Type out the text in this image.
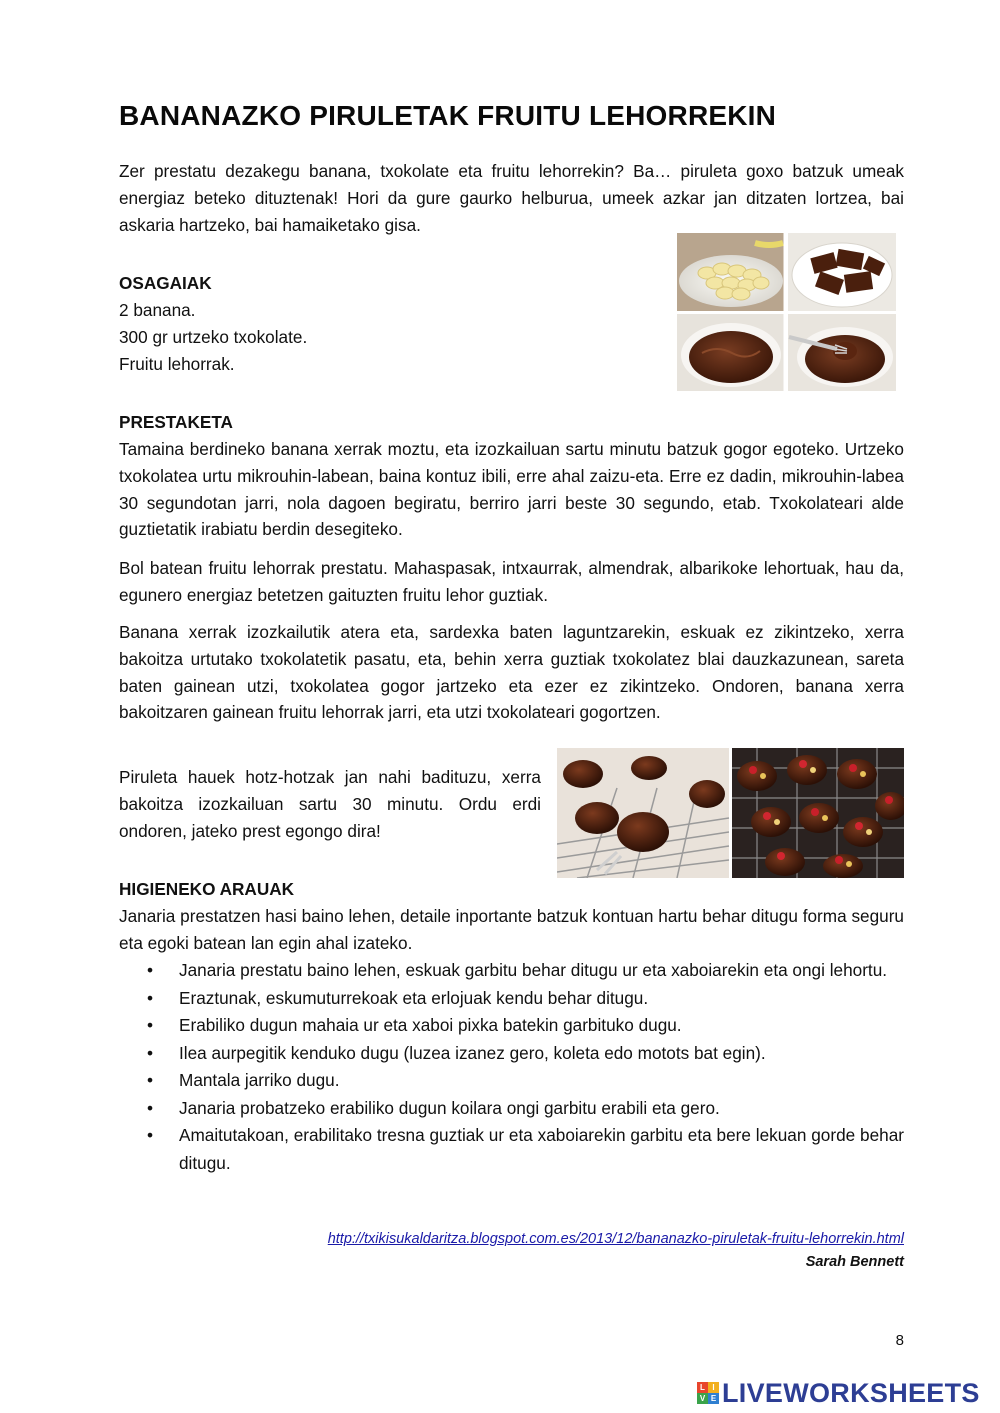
BANANAZKO PIRULETAK FRUITU LEHORREKIN

Zer prestatu dezakegu banana, txokolate eta fruitu lehorrekin? Ba… piruleta goxo batzuk umeak energiaz beteko dituztenak! Hori da gure gaurko helburua, umeek azkar jan ditzaten lortzea, bai askaria hartzeko, bai hamaiketako gisa.

OSAGAIAK
2 banana.
300 gr urtzeko txokolate.
Fruitu lehorrak.
PRESTAKETA

Tamaina berdineko banana xerrak moztu, eta izozkailuan sartu minutu batzuk gogor egoteko. Urtzeko txokolatea urtu mikrouhin-labean, baina kontuz ibili, erre ahal zaizu-eta. Erre ez dadin, mikrouhin-labea 30 segundotan jarri, nola dagoen begiratu, berriro jarri beste 30 segundo, etab. Txokolateari alde guztietatik irabiatu berdin desegiteko.

Bol batean fruitu lehorrak prestatu. Mahaspasak, intxaurrak, almendrak, albarikoke lehortuak, hau da, egunero energiaz betetzen gaituzten fruitu lehor guztiak.

Banana xerrak izozkailutik atera eta, sardexka baten laguntzarekin, eskuak ez zikintzeko, xerra bakoitza urtutako txokolatetik pasatu, eta, behin xerra guztiak txokolatez blai dauzkazunean, sareta baten gainean utzi, txokolatea gogor jartzeko eta ezer ez zikintzeko. Ondoren, banana xerra bakoitzaren gainean fruitu lehorrak jarri, eta utzi txokolateari gogortzen.

Piruleta hauek hotz-hotzak jan nahi badituzu, xerra bakoitza izozkailuan sartu 30 minutu. Ordu erdi ondoren, jateko prest egongo dira!

HIGIENEKO ARAUAK

Janaria prestatzen hasi baino lehen, detaile inportante batzuk kontuan hartu behar ditugu forma seguru eta egoki batean lan egin ahal izateko.

• Janaria prestatu baino lehen, eskuak garbitu behar ditugu ur eta xaboiarekin eta ongi lehortu.
• Eraztunak, eskumuturrekoak eta erlojuak kendu behar ditugu.
• Erabiliko dugun mahaia ur eta xaboi pixka batekin garbituko dugu.
• Ilea aurpegitik kenduko dugu (luzea izanez gero, koleta edo motots bat egin).
• Mantala jarriko dugu.
• Janaria probatzeko erabiliko dugun koilara ongi garbitu erabili eta gero.
• Amaitutakoan, erabilitako tresna guztiak ur eta xaboiarekin garbitu eta bere lekuan gorde behar ditugu.
http://txikisukaldaritza.blogspot.com.es/2013/12/bananazko-piruletak-fruitu-lehorrekin.html
Sarah Bennett
8
L I
V E LIVEWORKSHEETS
